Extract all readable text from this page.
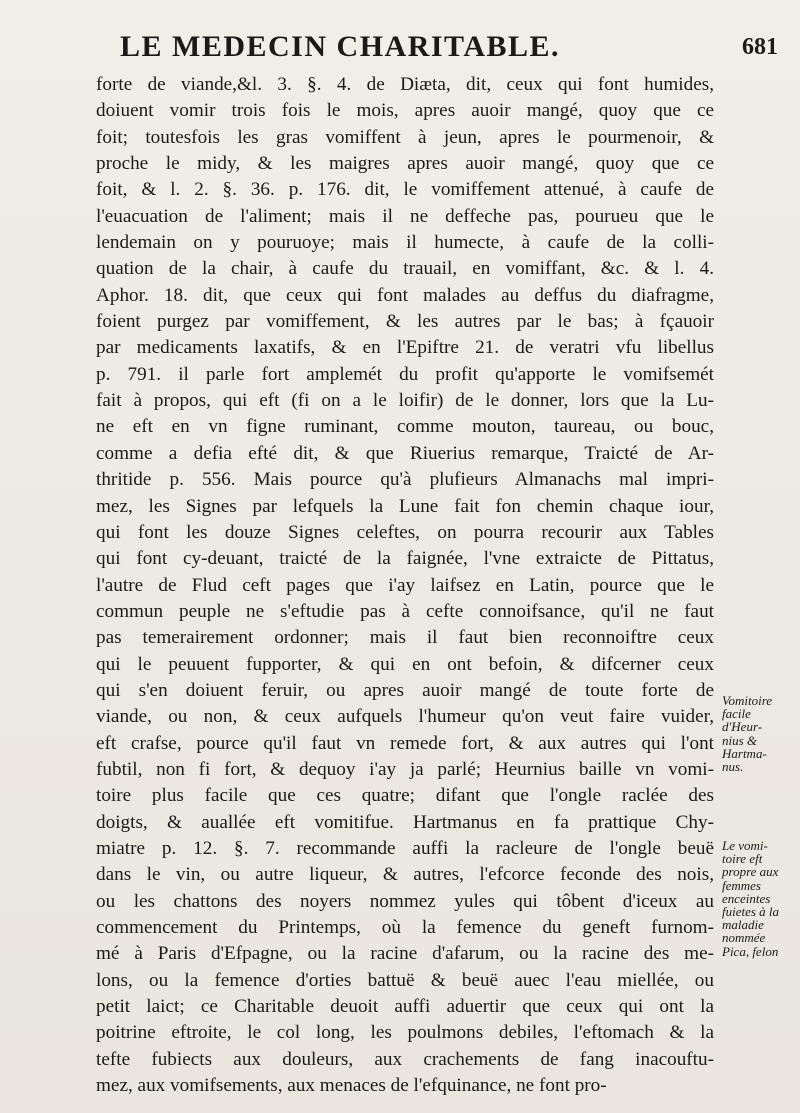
LE MEDECIN CHARITABLE.	681
forte de viande,&l. 3. §. 4. de Diæta, dit, ceux qui font humides,
doiuent vomir trois fois le mois, apres auoir mangé, quoy que ce
foit; toutesfois les gras vomiffent à jeun, apres le pourmenoir, &
proche le midy, & les maigres apres auoir mangé, quoy que ce
foit, & l. 2. §. 36. p. 176. dit, le vomiffement attenué, à caufe de
l'euacuation de l'aliment; mais il ne deffeche pas, pourueu que le
lendemain on y pouruoye; mais il humecte, à caufe de la colli-
quation de la chair, à caufe du trauail, en vomiffant, &c. & l. 4.
Aphor. 18. dit, que ceux qui font malades au deffus du diafragme,
foient purgez par vomiffement, & les autres par le bas; à fçauoir
par medicaments laxatifs, & en l'Epiftre 21. de veratri vfu libellus
p. 791. il parle fort amplemét du profit qu'apporte le vomifsemét
fait à propos, qui eft (fi on a le loifir) de le donner, lors que la Lu-
ne eft en vn figne ruminant, comme mouton, taureau, ou bouc,
comme a defia efté dit, & que Riuerius remarque, Traicté de Ar-
thritide p. 556. Mais pource qu'à plufieurs Almanachs mal impri-
mez, les Signes par lefquels la Lune fait fon chemin chaque iour,
qui font les douze Signes celeftes, on pourra recourir aux Tables
qui font cy-deuant, traicté de la faignée, l'vne extraicte de Pittatus,
l'autre de Flud ceft pages que i'ay laifsez en Latin, pource que le
commun peuple ne s'eftudie pas à cefte connoifsance, qu'il ne faut
pas temerairement ordonner; mais il faut bien reconnoiftre ceux
qui le peuuent fupporter, & qui en ont befoin, & difcerner ceux
qui s'en doiuent feruir, ou apres auoir mangé de toute forte de
viande, ou non, & ceux aufquels l'humeur qu'on veut faire vuider,
eft crafse, pource qu'il faut vn remede fort, & aux autres qui l'ont
fubtil, non fi fort, & dequoy i'ay ja parlé; Heurnius baille vn vomi-
toire plus facile que ces quatre; difant que l'ongle raclée des
doigts, & auallée eft vomitifue. Hartmanus en fa prattique Chy-
miatre p. 12. §. 7. recommande auffi la racleure de l'ongle beuë
dans le vin, ou autre liqueur, & autres, l'efcorce feconde des nois,
ou les chattons des noyers nommez yules qui tôbent d'iceux au
commencement du Printemps, où la femence du geneft furnom-
mé à Paris d'Efpagne, ou la racine d'afarum, ou la racine des me-
lons, ou la femence d'orties battuë & beuë auec l'eau miellée, ou
petit laict; ce Charitable deuoit auffi aduertir que ceux qui ont la
poitrine eftroite, le col long, les poulmons debiles, l'eftomach & la
tefte fubiects aux douleurs, aux crachements de fang inacouftu-
mez, aux vomifsements, aux menaces de l'efquinance, ne font pro-
Vomitoire
facile
d'Heur-
nius &
Hartma-
nus.
Le vomi-
toire eft
propre aux
femmes
enceintes
fuietes à la
maladie
nommée
Pica, felon
